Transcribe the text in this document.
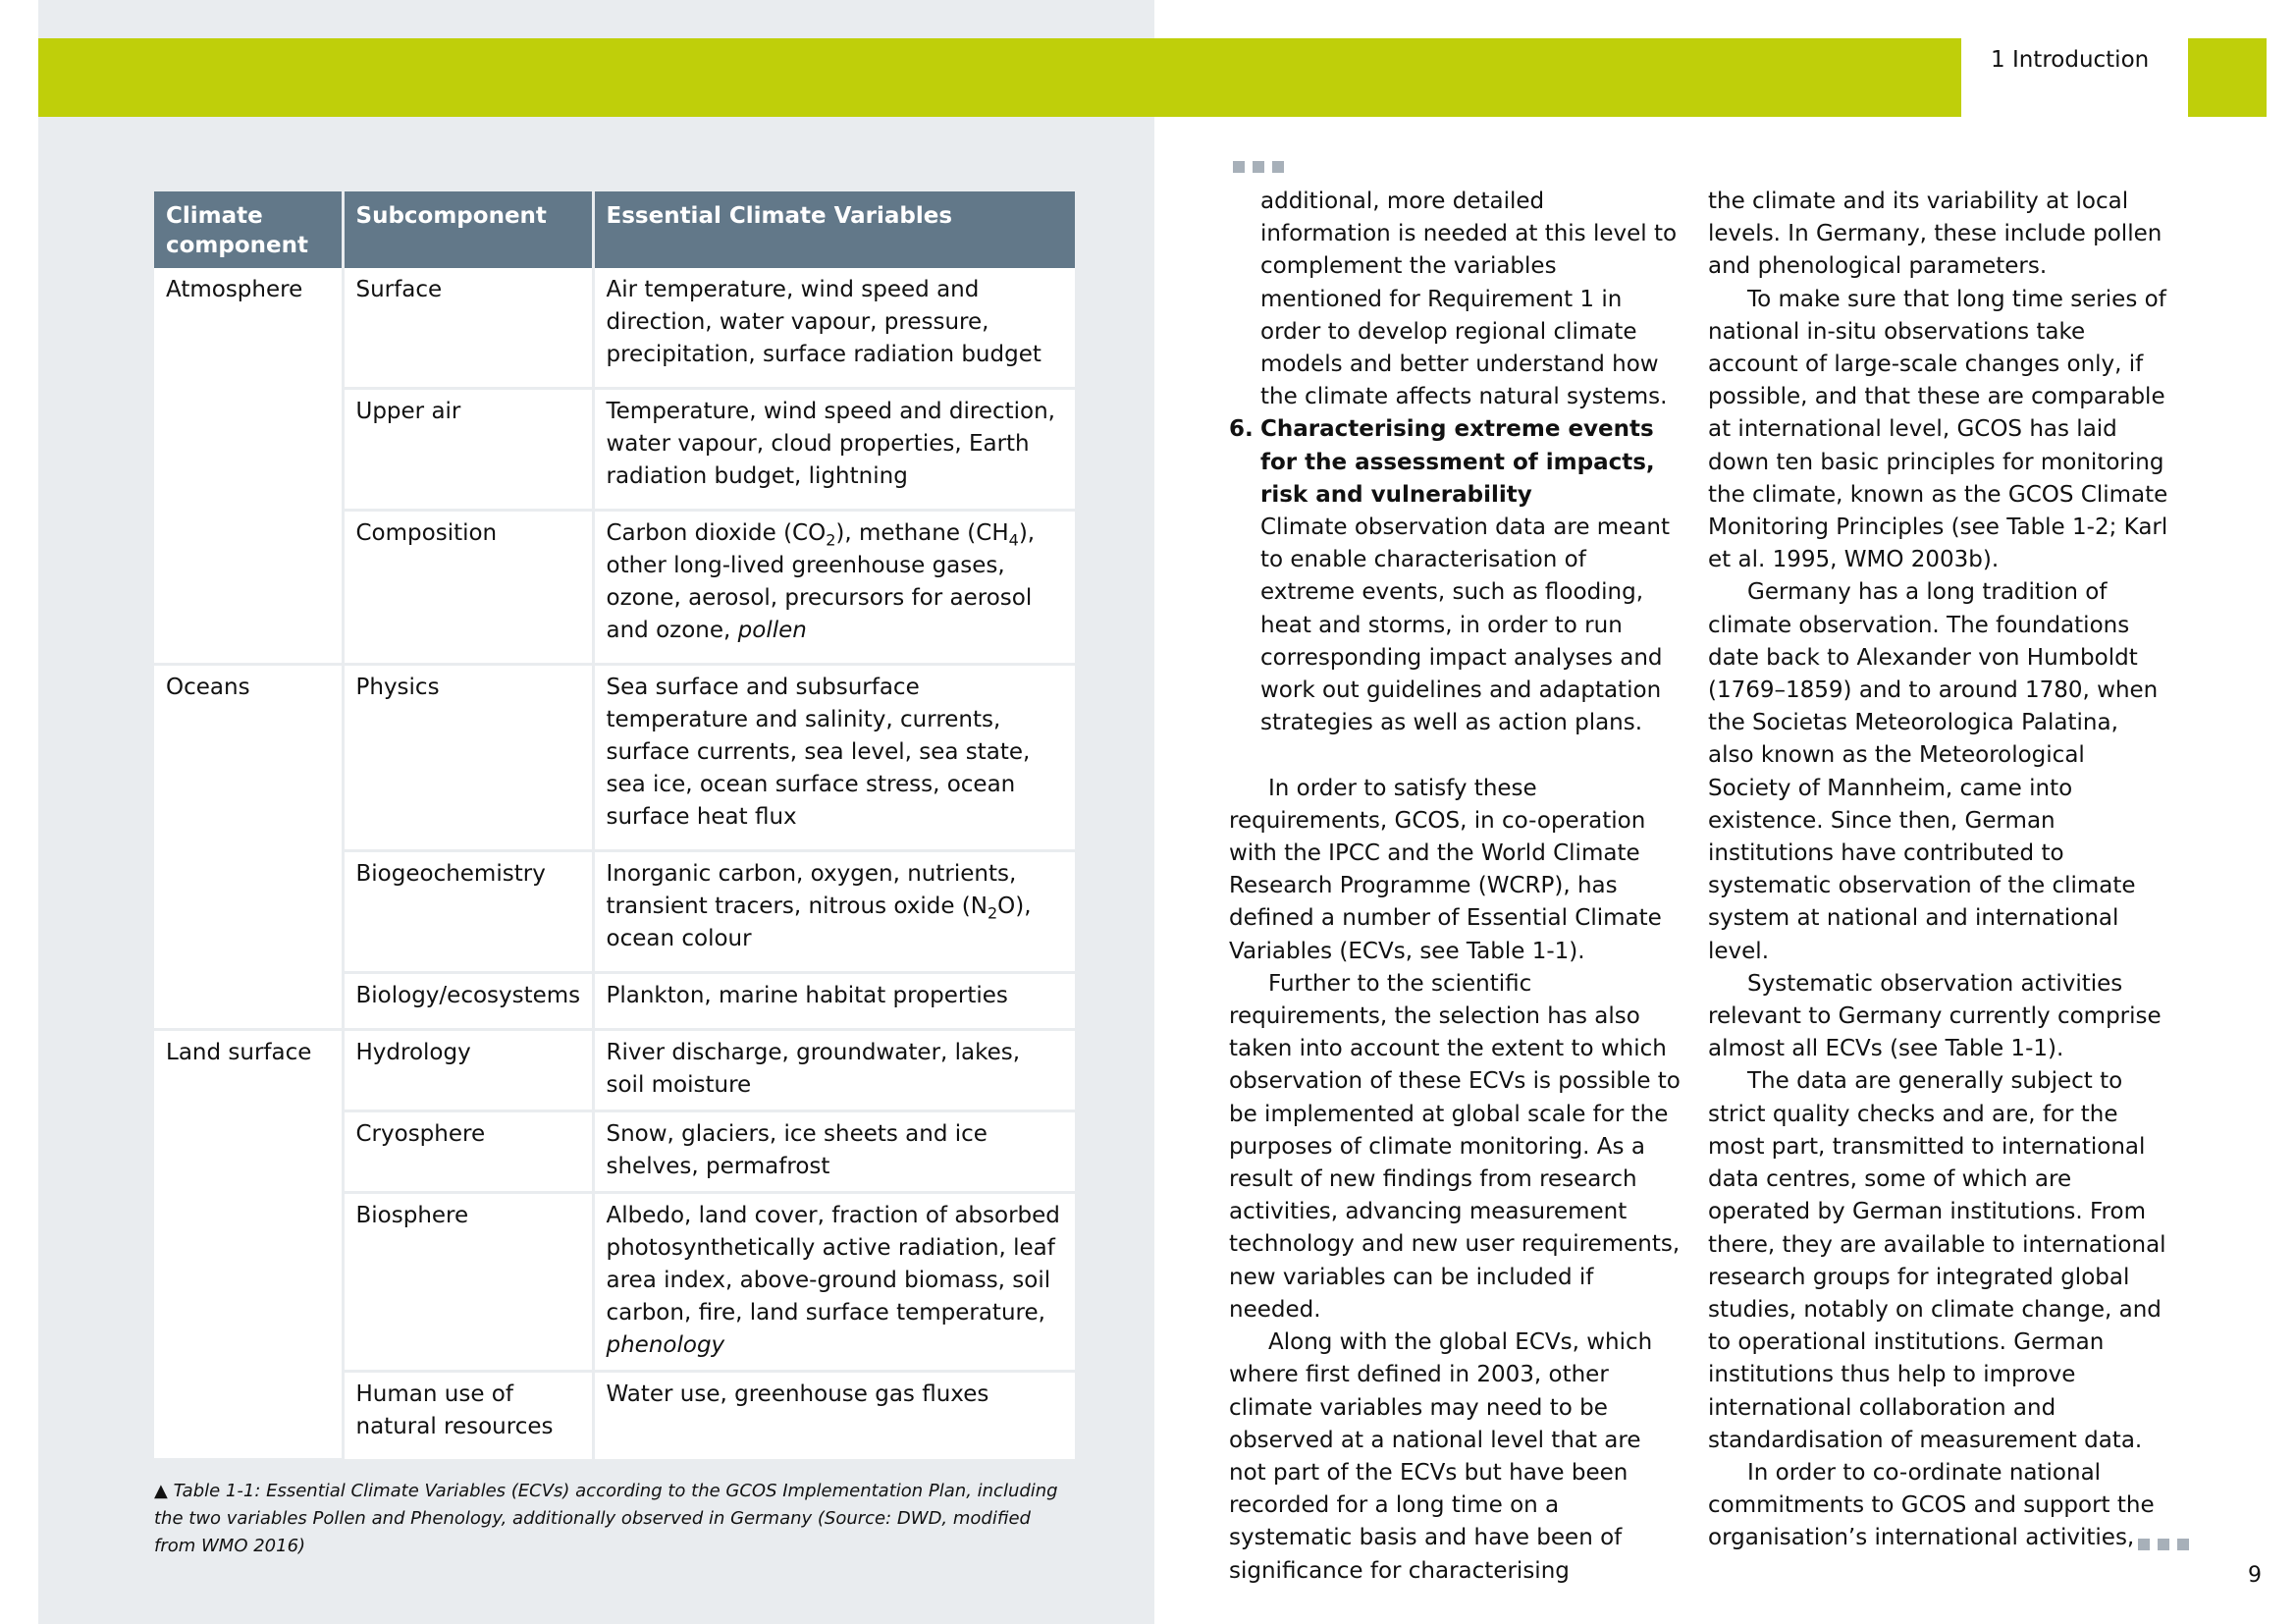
1 Introduction
Climate component	Subcomponent	Essential Climate Variables
Atmosphere	Surface	Air temperature, wind speed and direction, water vapour, pressure, precipitation, surface radiation budget
	Upper air	Temperature, wind speed and direction, water vapour, cloud properties, Earth radiation budget, lightning
	Composition	Carbon dioxide $(CO_2)$, methane $(CH_4)$, other long-lived greenhouse gases, ozone, aerosol, precursors for aerosol and ozone, pollen
Oceans	Physics	Sea surface and subsurface temperature and salinity, currents, surface currents, sea level, sea state, sea ice, ocean surface stress, ocean surface heat flux
	Biogeochemistry	Inorganic carbon, oxygen, nutrients, transient tracers, nitrous oxide $(N_2O)$, ocean colour
	Biology/ecosystems	Plankton, marine habitat properties
Land surface	Hydrology	River discharge, groundwater, lakes, soil moisture
	Cryosphere	Snow, glaciers, ice sheets and ice shelves, permafrost
	Biosphere	Albedo, land cover, fraction of absorbed photosynthetically active radiation, leaf area index, above-ground biomass, soil carbon, fire, land surface temperature, phenology
	Human use of natural resources	Water use, greenhouse gas fluxes
▲ Table 1-1: Essential Climate Variables (ECVs) according to the GCOS Implementation Plan, including the two variables Pollen and Phenology, additionally observed in Germany (Source: DWD, modified from WMO 2016)

additional, more detailed information is needed at this level to complement the variables mentioned for Requirement 1 in order to develop regional climate models and better understand how the climate affects natural systems.

6. Characterising extreme events for the assessment of impacts, risk and vulnerability

Climate observation data are meant to enable characterisation of extreme events, such as flooding, heat and storms, in order to run corresponding impact analyses and work out guidelines and adaptation strategies as well as action plans.

In order to satisfy these requirements, GCOS, in co-operation with the IPCC and the World Climate Research Programme (WCRP), has defined a number of Essential Climate Variables (ECVs, see Table 1-1).

Further to the scientific requirements, the selection has also taken into account the extent to which observation of these ECVs is possible to be implemented at global scale for the purposes of climate monitoring. As a result of new findings from research activities, advancing measurement technology and new user requirements, new variables can be included if needed.

Along with the global ECVs, which where first defined in 2003, other climate variables may need to be observed at a national level that are not part of the ECVs but have been recorded for a long time on a systematic basis and have been of significance for characterising

the climate and its variability at local levels. In Germany, these include pollen and phenological parameters.

To make sure that long time series of national in-situ observations take account of large-scale changes only, if possible, and that these are comparable at international level, GCOS has laid down ten basic principles for monitoring the climate, known as the GCOS Climate Monitoring Principles (see Table 1-2; Karl et al. 1995, WMO 2003b).

Germany has a long tradition of climate observation. The foundations date back to Alexander von Humboldt (1769–1859) and to around 1780, when the Societas Meteorologica Palatina, also known as the Meteorological Society of Mannheim, came into existence. Since then, German institutions have contributed to systematic observation of the climate system at national and international level.

Systematic observation activities relevant to Germany currently comprise almost all ECVs (see Table 1-1).

The data are generally subject to strict quality checks and are, for the most part, transmitted to international data centres, some of which are operated by German institutions. From there, they are available to international research groups for integrated global studies, notably on climate change, and to operational institutions. German institutions thus help to improve international collaboration and standardisation of measurement data.

In order to co-ordinate national commitments to GCOS and support the organisation’s international activities,

9
